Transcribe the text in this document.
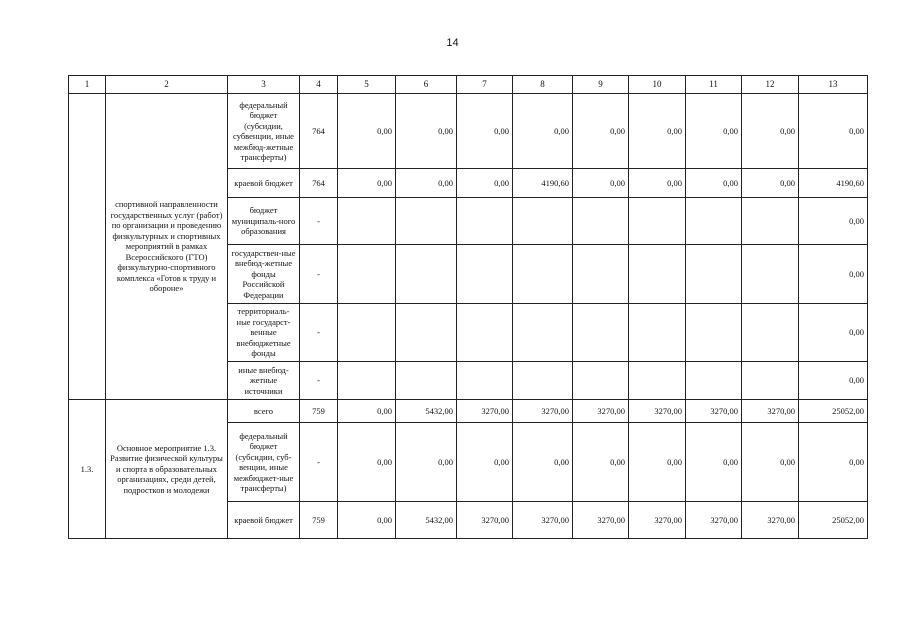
14
1	2	3	4	5	6	7	8	9	10	11	12	13
	спортивной направленности государственных услуг (работ) по организации и проведению физкультурных и спортивных мероприятий в рамках Всероссийского (ГТО) физкультурно-спортивного комплекса «Готов к труду и обороне»	федеральный бюджет (субсидии, субвенции, иные межбюд-жетные трансферты)	764	0,00	0,00	0,00	0,00	0,00	0,00	0,00	0,00	0,00
		краевой бюджет	764	0,00	0,00	0,00	4190,60	0,00	0,00	0,00	0,00	4190,60
		бюджет муниципаль-ного образования	-									0,00
		государствен-ные внебюд-жетные фонды Российской Федерации	-									0,00
		территориаль-ные государст-венные внебюджетные фонды	-									0,00
		иные внебюд-жетные источники	-									0,00
1.3.	Основное мероприятие 1.3. Развитие физической культуры и спорта в образовательных организациях, среди детей, подростков и молодежи	всего	759	0,00	5432,00	3270,00	3270,00	3270,00	3270,00	3270,00	3270,00	25052,00
		федеральный бюджет (субсидии, суб-венции, иные межбюджет-ные трансферты)	-	0,00	0,00	0,00	0,00	0,00	0,00	0,00	0,00	0,00
		краевой бюджет	759	0,00	5432,00	3270,00	3270,00	3270,00	3270,00	3270,00	3270,00	25052,00
